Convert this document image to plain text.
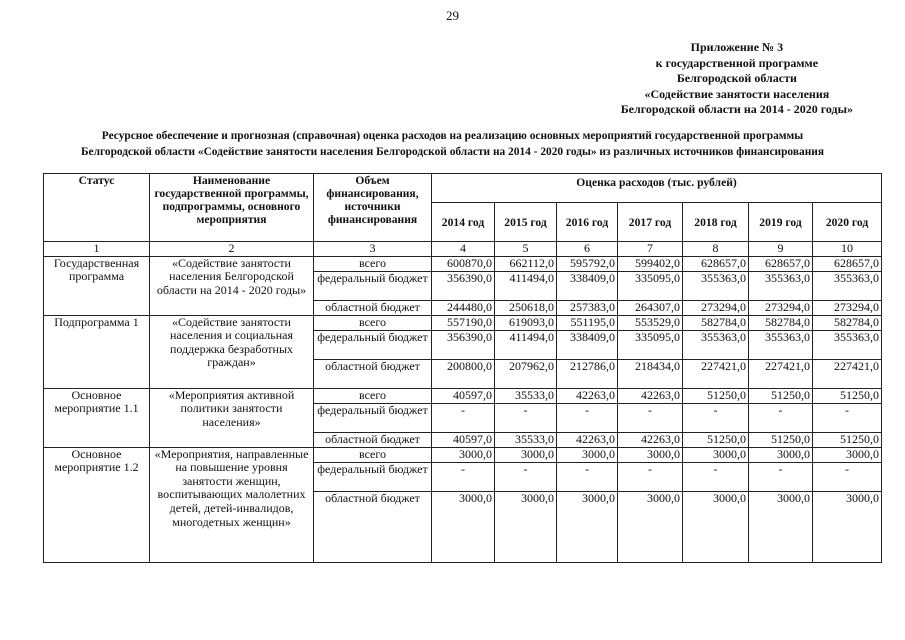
29
Приложение № 3
к государственной программе
Белгородской области
«Содействие занятости населения
Белгородской области на 2014 - 2020 годы»
Ресурсное обеспечение и прогнозная (справочная) оценка расходов на реализацию основных мероприятий государственной программы
Белгородской области «Содействие занятости населения Белгородской области на 2014 - 2020 годы» из различных источников финансирования
Статус	Наименование государственной программы, подпрограммы, основного мероприятия	Объем финансирования, источники финансирования	Оценка расходов (тыс. рублей)						
			2014 год	2015 год	2016 год	2017 год	2018 год	2019 год	2020 год
1	2	3	4	5	6	7	8	9	10
Государственная программа	«Содействие занятости населения Белгородской области на 2014 - 2020 годы»	всего	600870,0	662112,0	595792,0	599402,0	628657,0	628657,0	628657,0
		федеральный бюджет	356390,0	411494,0	338409,0	335095,0	355363,0	355363,0	355363,0
		областной бюджет	244480,0	250618,0	257383,0	264307,0	273294,0	273294,0	273294,0
Подпрограмма 1	«Содействие занятости населения и социальная поддержка безработных граждан»	всего	557190,0	619093,0	551195,0	553529,0	582784,0	582784,0	582784,0
		федеральный бюджет	356390,0	411494,0	338409,0	335095,0	355363,0	355363,0	355363,0
		областной бюджет	200800,0	207962,0	212786,0	218434,0	227421,0	227421,0	227421,0
Основное мероприятие 1.1	«Мероприятия активной политики занятости населения»	всего	40597,0	35533,0	42263,0	42263,0	51250,0	51250,0	51250,0
		федеральный бюджет	-	-	-	-	-	-	-
		областной бюджет	40597,0	35533,0	42263,0	42263,0	51250,0	51250,0	51250,0
Основное мероприятие 1.2	«Мероприятия, направленные на повышение уровня занятости женщин, воспитывающих малолетних детей, детей-инвалидов, многодетных женщин»	всего	3000,0	3000,0	3000,0	3000,0	3000,0	3000,0	3000,0
		федеральный бюджет	-	-	-	-	-	-	-
		областной бюджет	3000,0	3000,0	3000,0	3000,0	3000,0	3000,0	3000,0
